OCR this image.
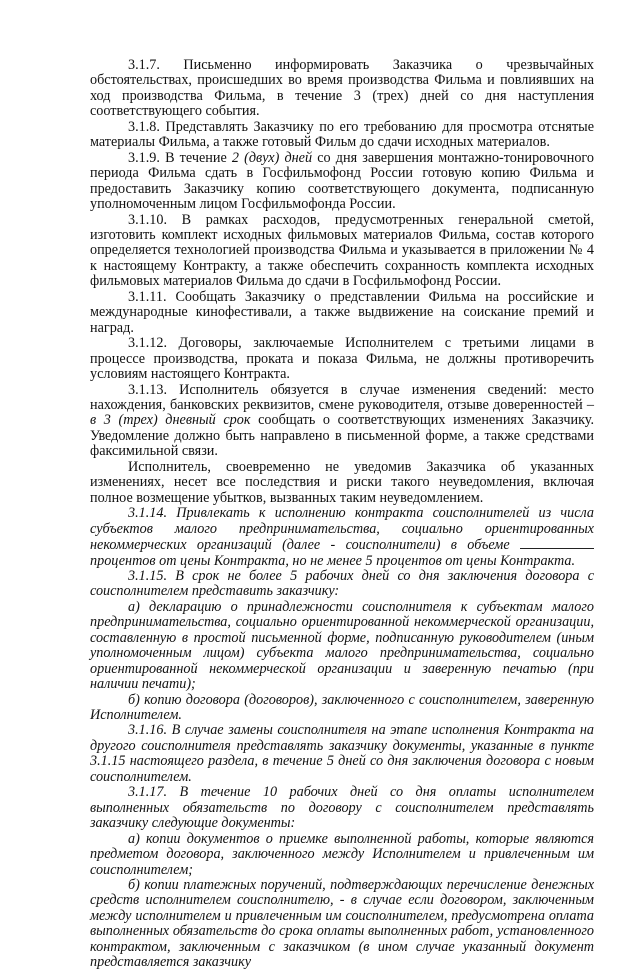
3.1.7. Письменно информировать Заказчика о чрезвычайных обстоятельствах, происшедших во время производства Фильма и повлиявших на ход производства Фильма, в течение 3 (трех) дней со дня наступления соответствующего события.

3.1.8. Представлять Заказчику по его требованию для просмотра отснятые материалы Фильма, а также готовый Фильм до сдачи исходных материалов.

3.1.9. В течение 2 (двух) дней со дня завершения монтажно-тонировочного периода Фильма сдать в Госфильмофонд России готовую копию Фильма и предоставить Заказчику копию соответствующего документа, подписанную уполномоченным лицом Госфильмофонда России.

3.1.10. В рамках расходов, предусмотренных генеральной сметой, изготовить комплект исходных фильмовых материалов Фильма, состав которого определяется технологией производства Фильма и указывается в приложении № 4 к настоящему Контракту, а также обеспечить сохранность комплекта исходных фильмовых материалов Фильма до сдачи в Госфильмофонд России.

3.1.11. Сообщать Заказчику о представлении Фильма на российские и международные кинофестивали, а также выдвижение на соискание премий и наград.

3.1.12. Договоры, заключаемые Исполнителем с третьими лицами в процессе производства, проката и показа Фильма, не должны противоречить условиям настоящего Контракта.

3.1.13. Исполнитель обязуется в случае изменения сведений: место нахождения, банковских реквизитов, смене руководителя, отзыве доверенностей – в 3 (трех) дневный срок сообщать о соответствующих изменениях Заказчику. Уведомление должно быть направлено в письменной форме, а также средствами факсимильной связи.

Исполнитель, своевременно не уведомив Заказчика об указанных изменениях, несет все последствия и риски такого неуведомления, включая полное возмещение убытков, вызванных таким неуведомлением.

3.1.14. Привлекать к исполнению контракта соисполнителей из числа субъектов малого предпринимательства, социально ориентированных некоммерческих организаций (далее - соисполнители) в объеме  процентов от цены Контракта, но не менее 5 процентов от цены Контракта.

3.1.15. В срок не более 5 рабочих дней со дня заключения договора с соисполнителем представить заказчику:

а) декларацию о принадлежности соисполнителя к субъектам малого предпринимательства, социально ориентированной некоммерческой организации, составленную в простой письменной форме, подписанную руководителем (иным уполномоченным лицом) субъекта малого предпринимательства, социально ориентированной некоммерческой организации и заверенную печатью (при наличии печати);

б) копию договора (договоров), заключенного с соисполнителем, заверенную Исполнителем.

3.1.16. В случае замены соисполнителя на этапе исполнения Контракта на другого соисполнителя представлять заказчику документы, указанные в пункте 3.1.15 настоящего раздела, в течение 5 дней со дня заключения договора с новым соисполнителем.

3.1.17. В течение 10 рабочих дней со дня оплаты исполнителем выполненных обязательств по договору с соисполнителем представлять заказчику следующие документы:

а) копии документов о приемке выполненной работы, которые являются предметом договора, заключенного между Исполнителем и привлеченным им соисполнителем;

б) копии платежных поручений, подтверждающих перечисление денежных средств исполнителем соисполнителю, - в случае если договором, заключенным между исполнителем и привлеченным им соисполнителем, предусмотрена оплата выполненных обязательств до срока оплаты выполненных работ, установленного контрактом, заключенным с заказчиком (в ином случае указанный документ представляется заказчику
